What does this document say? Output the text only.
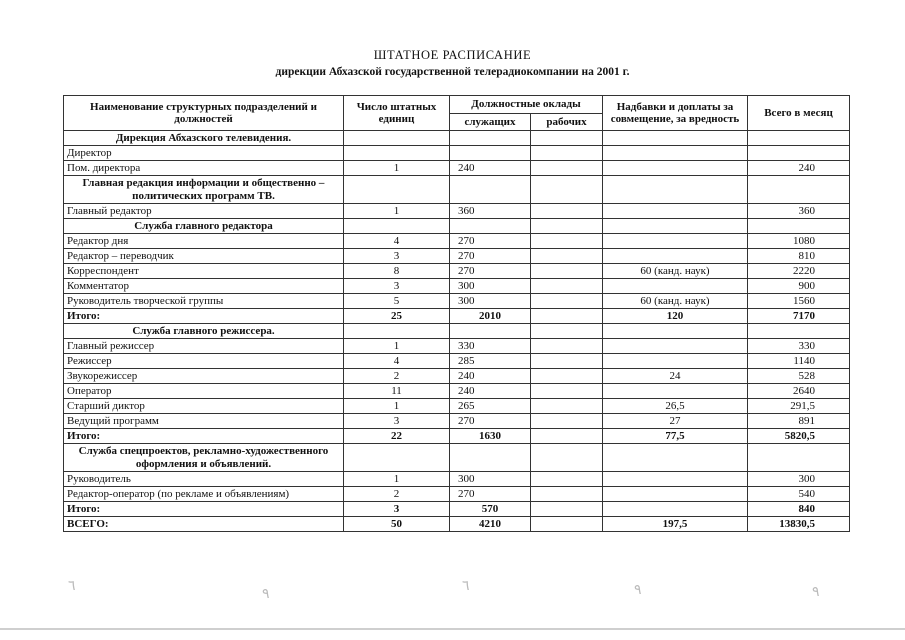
ШТАТНОЕ РАСПИСАНИЕ
дирекции Абхазской государственной телерадиокомпании на 2001 г.
Наименование структурных подразделений и должностей	Число штатных единиц	Должностные оклады		Надбавки и доплаты за совмещение, за вредность	Всего в месяц
		служащих	рабочих		
Дирекция Абхазского телевидения.					
Директор					
Пом. директора	1	240			240
Главная редакция информации и общественно – политических программ ТВ.					
Главный редактор	1	360			360
Служба главного редактора					
Редактор дня	4	270			1080
Редактор – переводчик	3	270			810
Корреспондент	8	270		60 (канд. наук)	2220
Комментатор	3	300			900
Руководитель творческой группы	5	300		60 (канд. наук)	1560
Итого:	25	2010		120	7170
Служба главного режиссера.					
Главный режиссер	1	330			330
Режиссер	4	285			1140
Звукорежиссер	2	240		24	528
Оператор	11	240			2640
Старший диктор	1	265		26,5	291,5
Ведущий программ	3	270		27	891
Итого:	22	1630		77,5	5820,5
Служба спецпроектов, рекламно-художественного оформления и объявлений.					
Руководитель	1	300			300
Редактор-оператор (по рекламе и объявлениям)	2	270			540
Итого:	3	570			840
ВСЕГО:	50	4210		197,5	13830,5
٦
٩
٦	٩	٩
